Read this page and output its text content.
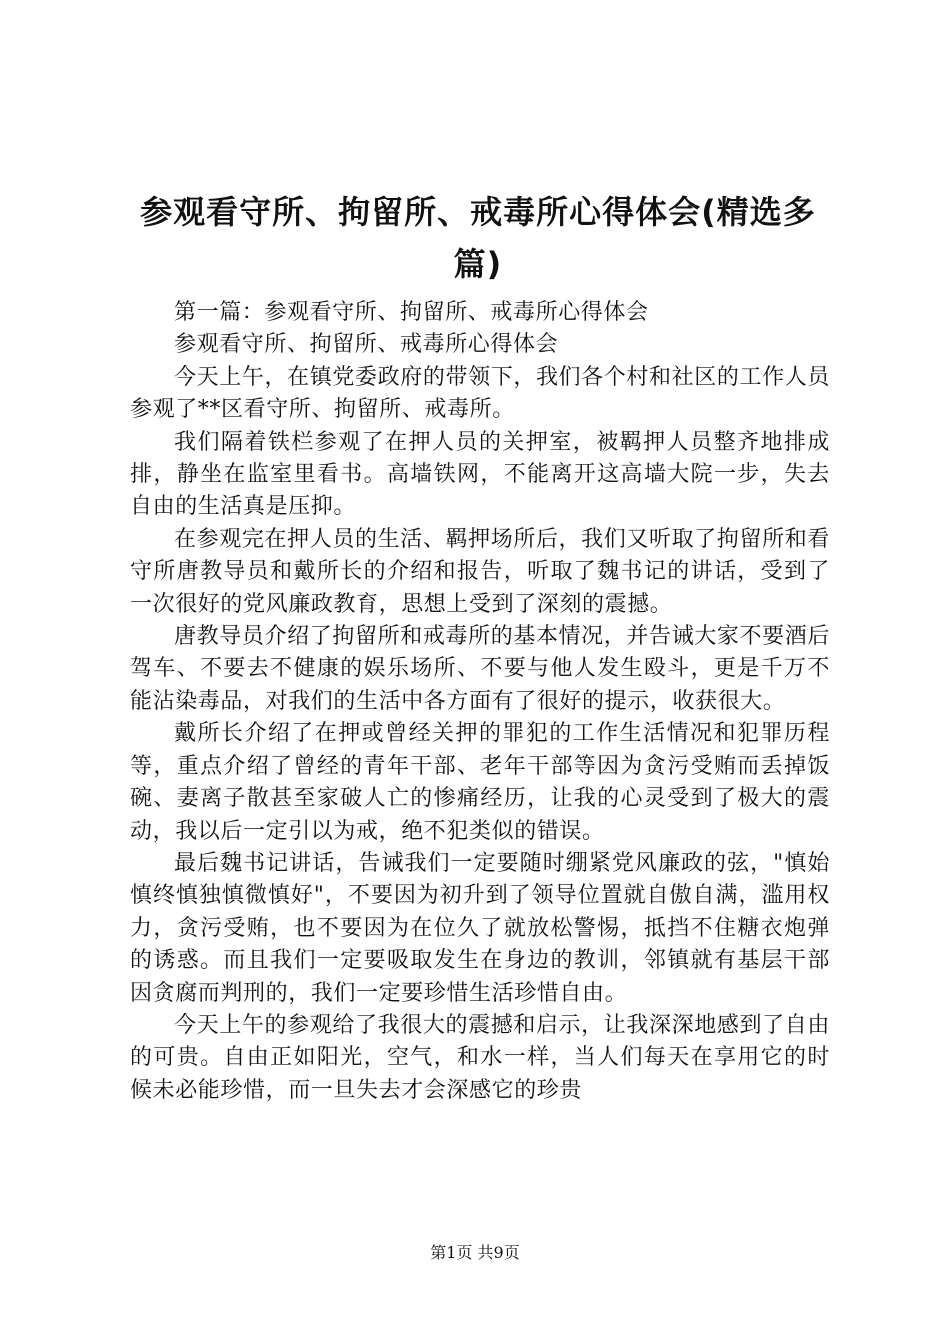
参观看守所、拘留所、戒毒所心得体会(精选多篇)

第一篇：参观看守所、拘留所、戒毒所心得体会

参观看守所、拘留所、戒毒所心得体会

今天上午，在镇党委政府的带领下，我们各个村和社区的工作人员参观了**区看守所、拘留所、戒毒所。

我们隔着铁栏参观了在押人员的关押室，被羁押人员整齐地排成排，静坐在监室里看书。高墙铁网，不能离开这高墙大院一步，失去自由的生活真是压抑。

在参观完在押人员的生活、羁押场所后，我们又听取了拘留所和看守所唐教导员和戴所长的介绍和报告，听取了魏书记的讲话，受到了一次很好的党风廉政教育，思想上受到了深刻的震撼。

唐教导员介绍了拘留所和戒毒所的基本情况，并告诫大家不要酒后驾车、不要去不健康的娱乐场所、不要与他人发生殴斗，更是千万不能沾染毒品，对我们的生活中各方面有了很好的提示，收获很大。

戴所长介绍了在押或曾经关押的罪犯的工作生活情况和犯罪历程等，重点介绍了曾经的青年干部、老年干部等因为贪污受贿而丢掉饭碗、妻离子散甚至家破人亡的惨痛经历，让我的心灵受到了极大的震动，我以后一定引以为戒，绝不犯类似的错误。

最后魏书记讲话，告诫我们一定要随时绷紧党风廉政的弦，"慎始慎终慎独慎微慎好"，不要因为初升到了领导位置就自傲自满，滥用权力，贪污受贿，也不要因为在位久了就放松警惕，抵挡不住糖衣炮弹的诱惑。而且我们一定要吸取发生在身边的教训，邻镇就有基层干部因贪腐而判刑的，我们一定要珍惜生活珍惜自由。

今天上午的参观给了我很大的震撼和启示，让我深深地感到了自由的可贵。自由正如阳光，空气，和水一样，当人们每天在享用它的时候未必能珍惜，而一旦失去才会深感它的珍贵

第1页 共9页
